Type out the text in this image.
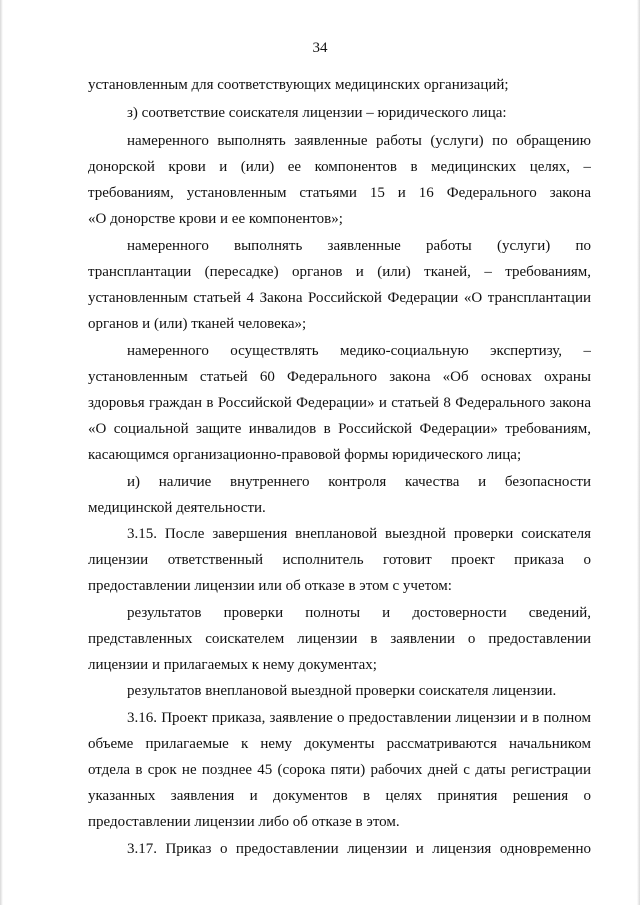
34
установленным для соответствующих медицинских организаций;
з) соответствие соискателя лицензии – юридического лица:
намеренного выполнять заявленные работы (услуги) по обращению
донорской крови и (или) ее компонентов в медицинских целях, –
требованиям, установленным статьями 15 и 16 Федерального закона
«О донорстве крови и ее компонентов»;
намеренного выполнять заявленные работы (услуги) по
трансплантации (пересадке) органов и (или) тканей, – требованиям,
установленным статьей 4 Закона Российской Федерации «О трансплантации
органов и (или) тканей человека»;
намеренного осуществлять медико-социальную экспертизу, –
установленным статьей 60 Федерального закона «Об основах охраны
здоровья граждан в Российской Федерации» и статьей 8 Федерального закона
«О социальной защите инвалидов в Российской Федерации» требованиям,
касающимся организационно-правовой формы юридического лица;
и) наличие внутреннего контроля качества и безопасности
медицинской деятельности.
3.15. После завершения внеплановой выездной проверки соискателя
лицензии ответственный исполнитель готовит проект приказа о
предоставлении лицензии или об отказе в этом с учетом:
результатов проверки полноты и достоверности сведений,
представленных соискателем лицензии в заявлении о предоставлении
лицензии и прилагаемых к нему документах;
результатов внеплановой выездной проверки соискателя лицензии.
3.16. Проект приказа, заявление о предоставлении лицензии и в полном
объеме прилагаемые к нему документы рассматриваются начальником
отдела в срок не позднее 45 (сорока пяти) рабочих дней с даты регистрации
указанных заявления и документов в целях принятия решения о
предоставлении лицензии либо об отказе в этом.
3.17. Приказ о предоставлении лицензии и лицензия одновременно
